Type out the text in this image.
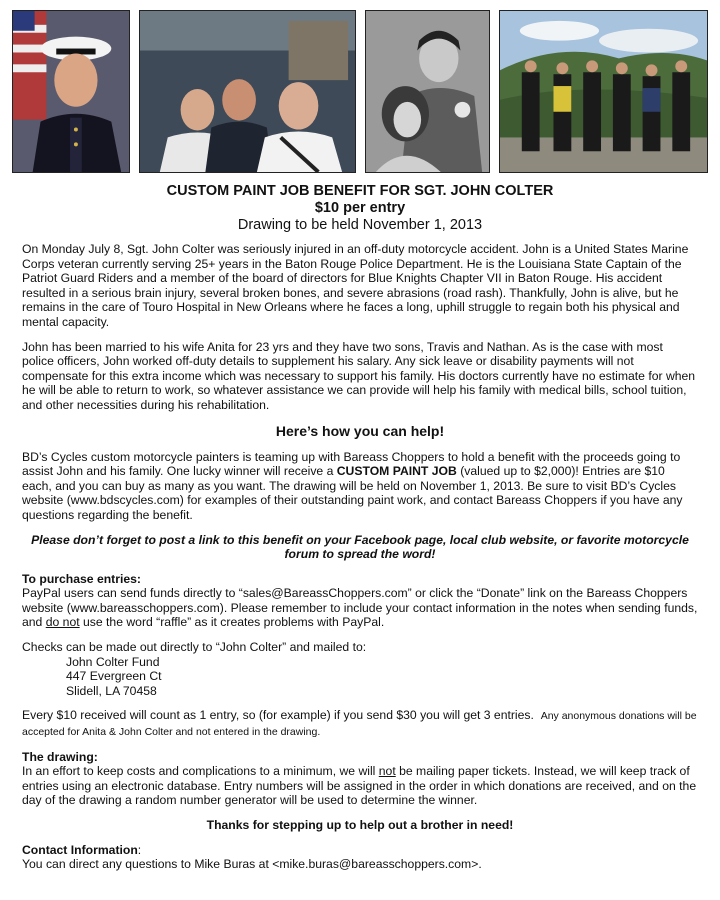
CUSTOM PAINT JOB BENEFIT FOR SGT. JOHN COLTER

$10 per entry

Drawing to be held November 1, 2013

On Monday July 8, Sgt. John Colter was seriously injured in an off-duty motorcycle accident. John is a United States Marine Corps veteran currently serving 25+ years in the Baton Rouge Police Department. He is the Louisiana State Captain of the Patriot Guard Riders and a member of the board of directors for Blue Knights Chapter VII in Baton Rouge. His accident resulted in a serious brain injury, several broken bones, and severe abrasions (road rash). Thankfully, John is alive, but he remains in the care of Touro Hospital in New Orleans where he faces a long, uphill struggle to regain both his physical and mental capacity.

John has been married to his wife Anita for 23 yrs and they have two sons, Travis and Nathan. As is the case with most police officers, John worked off-duty details to supplement his salary. Any sick leave or disability payments will not compensate for this extra income which was necessary to support his family. His doctors currently have no estimate for when he will be able to return to work, so whatever assistance we can provide will help his family with medical bills, school tuition, and other necessities during his rehabilitation.

Here’s how you can help!

BD’s Cycles custom motorcycle painters is teaming up with Bareass Choppers to hold a benefit with the proceeds going to assist John and his family. One lucky winner will receive a CUSTOM PAINT JOB (valued up to $2,000)! Entries are $10 each, and you can buy as many as you want. The drawing will be held on November 1, 2013. Be sure to visit BD’s Cycles website (www.bdscycles.com) for examples of their outstanding paint work, and contact Bareass Choppers if you have any questions regarding the benefit.

Please don’t forget to post a link to this benefit on your Facebook page, local club website, or favorite motorcycle forum to spread the word!

To purchase entries:
PayPal users can send funds directly to “sales@BareassChoppers.com” or click the “Donate” link on the Bareass Choppers website (www.bareasschoppers.com). Please remember to include your contact information in the notes when sending funds, and do not use the word “raffle” as it creates problems with PayPal.

Checks can be made out directly to “John Colter” and mailed to:

John Colter Fund
447 Evergreen Ct
Slidell, LA 70458

Every $10 received will count as 1 entry, so (for example) if you send $30 you will get 3 entries. Any anonymous donations will be accepted for Anita & John Colter and not entered in the drawing.

The drawing:
In an effort to keep costs and complications to a minimum, we will not be mailing paper tickets. Instead, we will keep track of entries using an electronic database. Entry numbers will be assigned in the order in which donations are received, and on the day of the drawing a random number generator will be used to determine the winner.

Thanks for stepping up to help out a brother in need!

Contact Information:
You can direct any questions to Mike Buras at <mike.buras@bareasschoppers.com>.
